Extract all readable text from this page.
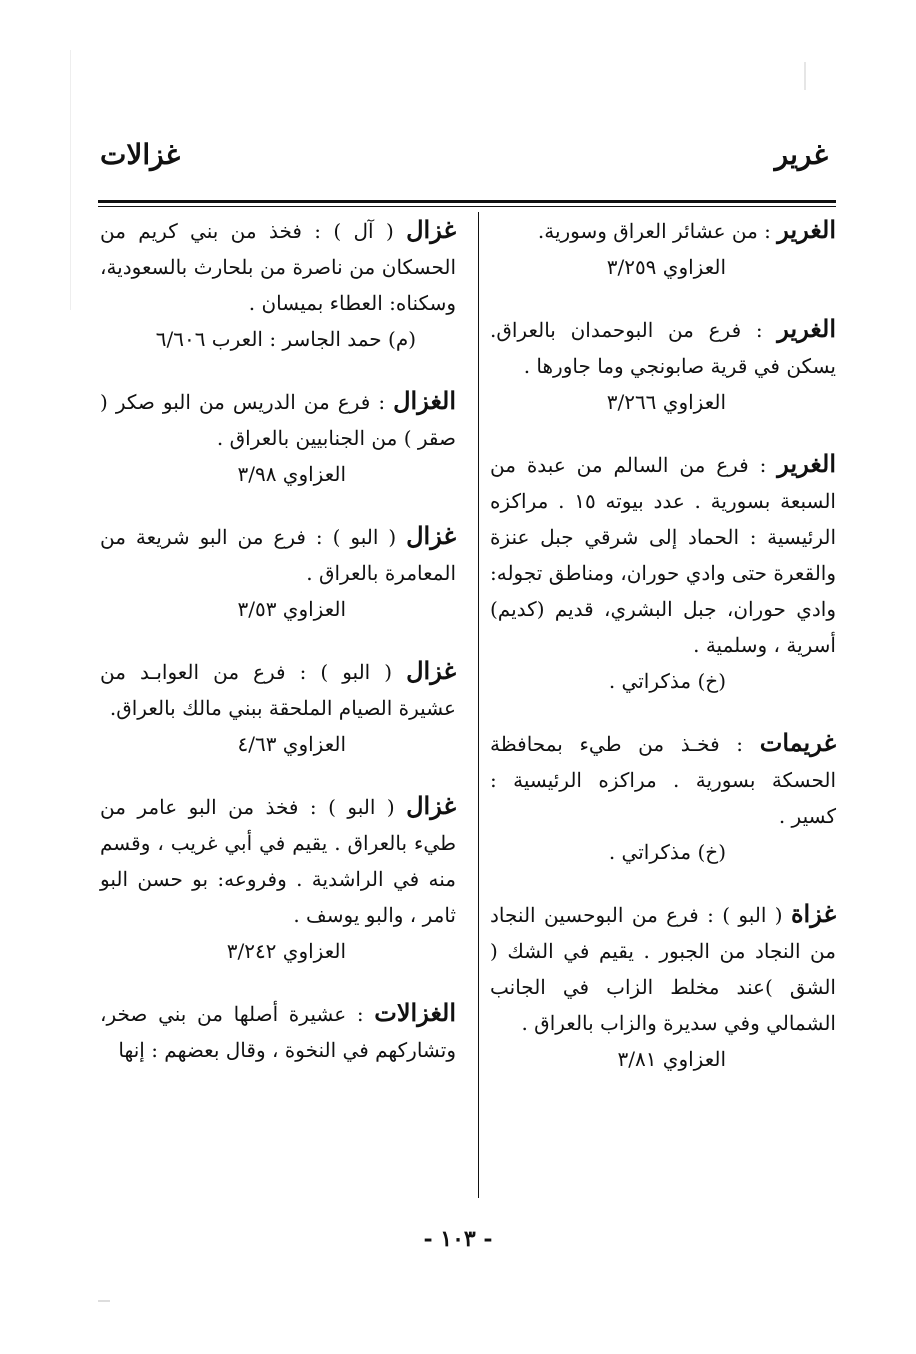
غرير
غزالات

الغرير : من عشائر العراق وسورية.

العزاوي ٣/٢٥٩

الغرير : فرع من البوحمدان بالعراق. يسكن في قرية صابونجي وما جاورها .

العزاوي ٣/٢٦٦

الغرير : فرع من السالم من عبدة من السبعة بسورية . عدد بيوته ١٥ . مراكزه الرئيسية : الحماد إلى شرقي جبل عنزة والقعرة حتى وادي حوران، ومناطق تجوله: وادي حوران، جبل البشري، قديم (كديم) أسرية ، وسلمية .

(خ) مذكراتي .

غريمات : فخـذ من طيء بمحافظة الحسكة بسورية . مراكزه الرئيسية : كسير .

(خ) مذكراتي .

غزاة ( البو ) : فرع من البوحسين النجاد من النجاد من الجبور . يقيم في الشك ( الشق )عند مخلط الزاب في الجانب الشمالي وفي سديرة والزاب بالعراق .

العزاوي ٣/٨١

غزال ( آل ) : فخذ من بني كريم من الحسكان من ناصرة من بلحارث بالسعودية، وسكناه: العطاء بميسان .

(م) حمد الجاسر : العرب ٦/٦٠٦

الغزال : فرع من الدريس من البو صكر ( صقر ) من الجنابيين بالعراق .

العزاوي ٣/٩٨

غزال ( البو ) : فرع من البو شريعة من المعامرة بالعراق .

العزاوي ٣/٥٣

غزال ( البو ) : فرع من العوابـد من عشيرة الصيام الملحقة ببني مالك بالعراق.

العزاوي ٤/٦٣

غزال ( البو ) : فخذ من البو عامر من طيء بالعراق . يقيم في أبي غريب ، وقسم منه في الراشدية . وفروعه: بو حسن البو ثامر ، والبو يوسف .

العزاوي ٣/٢٤٢

الغزالات : عشيرة أصلها من بني صخر، وتشاركهم في النخوة ، وقال بعضهم : إنها

- ١٠٣ -
